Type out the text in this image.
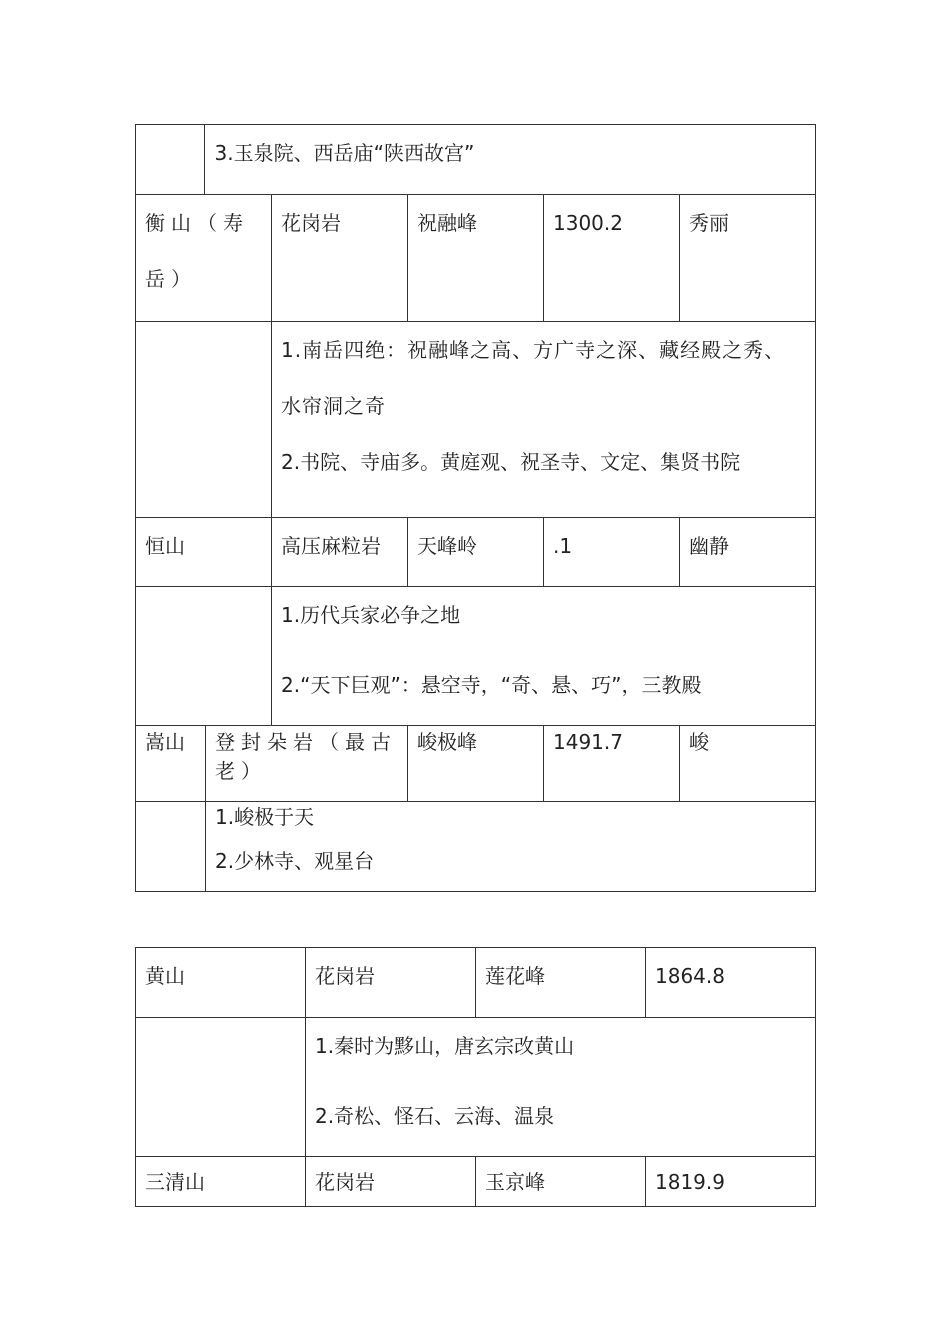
	3.玉泉院、西岳庙“陕西故宫”			

衡山（寿岳）	花岗岩	祝融峰	1300.2	秀丽

	1.南岳四绝：祝融峰之高、方广寺之深、藏经殿之秀、水帘洞之奇

2.书院、寺庙多。黄庭观、祝圣寺、文定、集贤书院			

恒山	高压麻粒岩	天峰岭	.1	幽静

	1.历代兵家必争之地

2.“天下巨观”：悬空寺，“奇、悬、巧”，三教殿			

嵩山	登封朵岩（最古老）	峻极峰	1491.7	峻

	1.峻极于天

2.少林寺、观星台			

黄山	花岗岩	莲花峰	1864.8

	1.秦时为黟山，唐玄宗改黄山

2.奇松、怪石、云海、温泉		

三清山	花岗岩	玉京峰	1819.9
